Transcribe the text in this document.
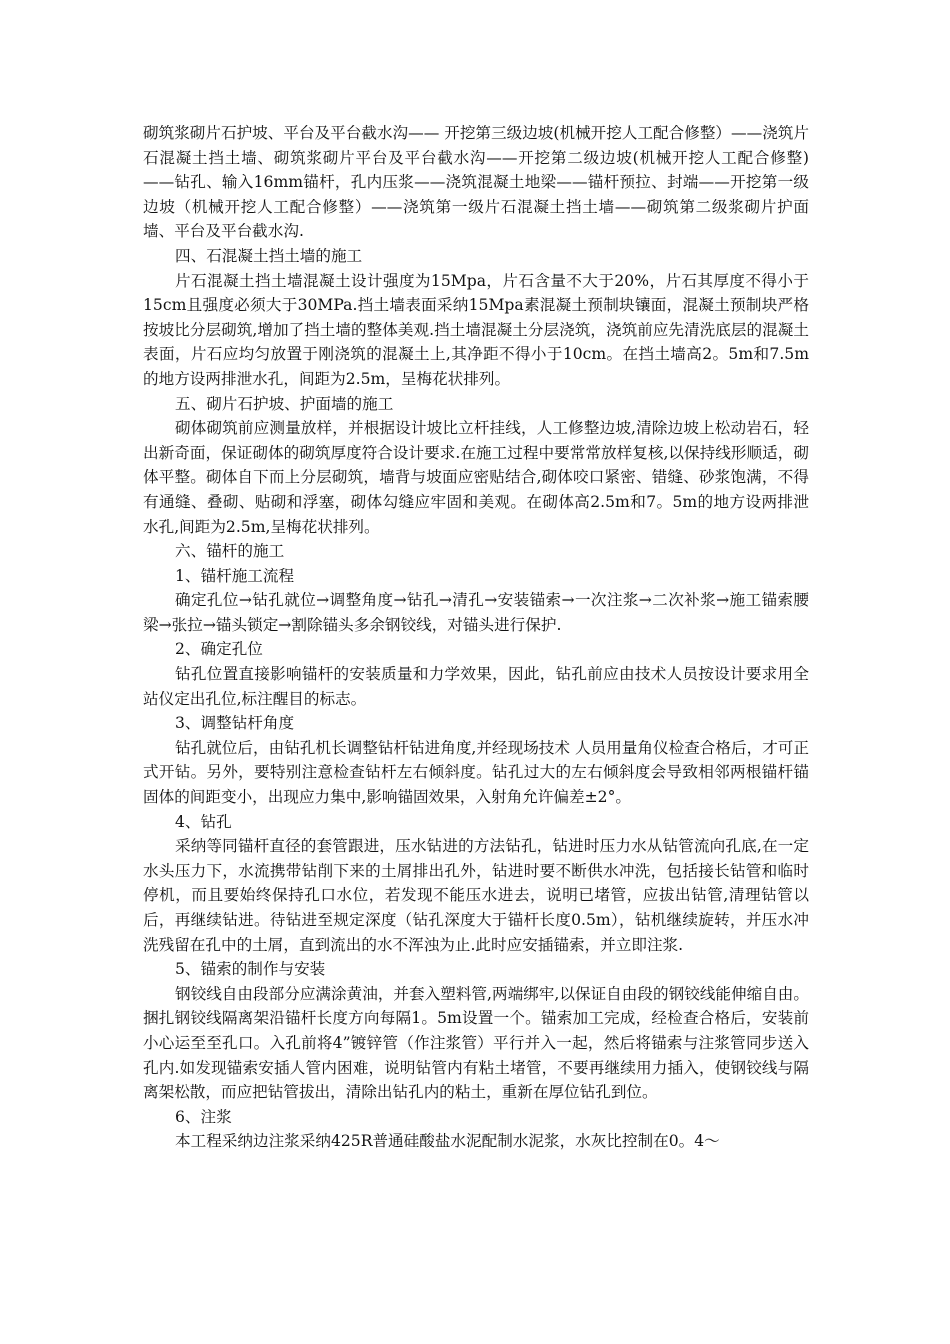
砌筑浆砌片石护坡、平台及平台截水沟—— 开挖第三级边坡(机械开挖人工配合修整）——浇筑片石混凝土挡土墙、砌筑浆砌片平台及平台截水沟——开挖第二级边坡(机械开挖人工配合修整)——钻孔、输入16mm锚杆，孔内压浆——浇筑混凝土地梁——锚杆预拉、封端——开挖第一级边坡（机械开挖人工配合修整）——浇筑第一级片石混凝土挡土墙——砌筑第二级浆砌片护面墙、平台及平台截水沟.

四、石混凝土挡土墙的施工

片石混凝土挡土墙混凝土设计强度为15Mpa，片石含量不大于20%，片石其厚度不得小于15cm且强度必须大于30MPa.挡土墙表面采纳15Mpa素混凝土预制块镶面，混凝土预制块严格按坡比分层砌筑,增加了挡土墙的整体美观.挡土墙混凝土分层浇筑，浇筑前应先清洗底层的混凝土表面，片石应均匀放置于刚浇筑的混凝土上,其净距不得小于10cm。在挡土墙高2。5m和7.5m的地方设两排泄水孔，间距为2.5m，呈梅花状排列。

五、砌片石护坡、护面墙的施工

砌体砌筑前应测量放样，并根据设计坡比立杆挂线，人工修整边坡,清除边坡上松动岩石，轻出新奇面，保证砌体的砌筑厚度符合设计要求.在施工过程中要常常放样复核,以保持线形顺适，砌体平整。砌体自下而上分层砌筑，墙背与坡面应密贴结合,砌体咬口紧密、错缝、砂浆饱满，不得有通缝、叠砌、贴砌和浮塞，砌体勾缝应牢固和美观。在砌体高2.5m和7。5m的地方设两排泄水孔,间距为2.5m,呈梅花状排列。

六、锚杆的施工

1、锚杆施工流程

确定孔位→钻孔就位→调整角度→钻孔→清孔→安装锚索→一次注浆→二次补浆→施工锚索腰梁→张拉→锚头锁定→割除锚头多余钢铰线，对锚头进行保护.

2、确定孔位

钻孔位置直接影响锚杆的安装质量和力学效果，因此，钻孔前应由技术人员按设计要求用全站仪定出孔位,标注醒目的标志。

3、调整钻杆角度

钻孔就位后，由钻孔机长调整钻杆钻进角度,并经现场技术 人员用量角仪检查合格后，才可正式开钻。另外，要特别注意检查钻杆左右倾斜度。钻孔过大的左右倾斜度会导致相邻两根锚杆锚固体的间距变小，出现应力集中,影响锚固效果，入射角允许偏差±2°。

4、钻孔

采纳等同锚杆直径的套管跟进，压水钻进的方法钻孔，钻进时压力水从钻管流向孔底,在一定水头压力下，水流携带钻削下来的土屑排出孔外，钻进时要不断供水冲洗，包括接长钻管和临时停机，而且要始终保持孔口水位，若发现不能压水进去，说明已堵管，应拔出钻管,清理钻管以后，再继续钻进。待钻进至规定深度（钻孔深度大于锚杆长度0.5m），钻机继续旋转，并压水冲洗残留在孔中的土屑，直到流出的水不浑浊为止.此时应安插锚索，并立即注浆.

5、锚索的制作与安装

钢铰线自由段部分应满涂黄油，并套入塑料管,两端绑牢,以保证自由段的钢铰线能伸缩自由。捆扎钢铰线隔离架沿锚杆长度方向每隔1。5m设置一个。锚索加工完成，经检查合格后，安装前小心运至至孔口。入孔前将4”镀锌管（作注浆管）平行并入一起，然后将锚索与注浆管同步送入孔内.如发现锚索安插人管内困难，说明钻管内有粘土堵管，不要再继续用力插入，使钢铰线与隔离架松散，而应把钻管拔出，清除出钻孔内的粘土，重新在厚位钻孔到位。

6、注浆

本工程采纳边注浆采纳425R普通硅酸盐水泥配制水泥浆，水灰比控制在0。4～
